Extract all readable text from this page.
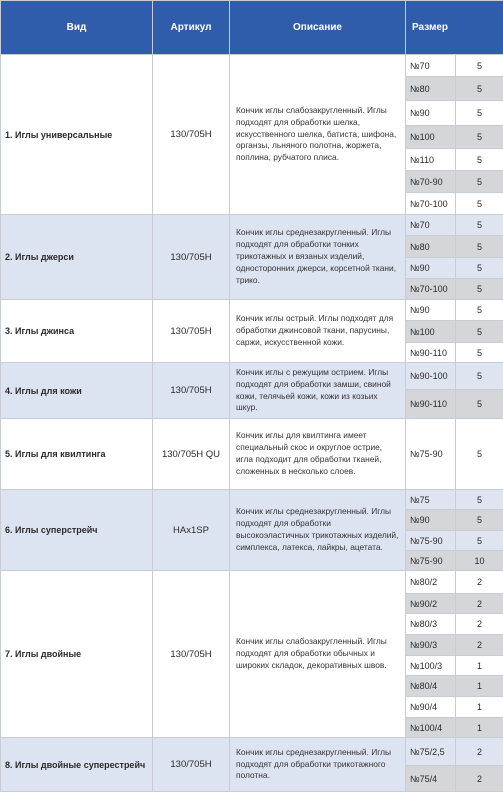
Вид	Артикул	Описание	Размер	
1. Иглы универсальные	130/705H	Кончик иглы слабозакругленный. Иглы подходят для обработки шелка, искусственного шелка, батиста, шифона, органзы, льняного полотна, жоржета, поплина, рубчатого плиса.	№70	5
			№80	5
			№90	5
			№100	5
			№110	5
			№70-90	5
			№70-100	5
2. Иглы джерси	130/705H	Кончик иглы среднезакругленный. Иглы подходят для обработки тонких трикотажных и вязаных изделий, односторонних джерси, корсетной ткани, трико.	№70	5
			№80	5
			№90	5
			№70-100	5
3. Иглы джинса	130/705H	Кончик иглы острый. Иглы подходят для обработки джинсовой ткани, парусины, саржи, искусственной кожи.	№90	5
			№100	5
			№90-110	5
4. Иглы для кожи	130/705H	Кончик иглы с режущим острием. Иглы подходят для обработки замши, свиной кожи, телячьей кожи, кожи из козьих шкур.	№90-100	5
			№90-110	5
5. Иглы для квилтинга	130/705H QU	Кончик иглы для квилтинга имеет специальный скос и округлое острие, игла подходит для обработки тканей, сложенных в несколько слоев.	№75-90	5
6. Иглы суперстрейч	HAx1SP	Кончик иглы среднезакругленный. Иглы подходят для обработки высокоэластичных трикотажных изделий, симплекса, латекса, лайкры, ацетата.	№75	5
			№90	5
			№75-90	5
			№75-90	10
7. Иглы двойные	130/705H	Кончик иглы слабозакругленный. Иглы подходят для обработки обычных и широких складок, декоративных швов.	№80/2	2
			№90/2	2
			№80/3	2
			№90/3	2
			№100/3	1
			№80/4	1
			№90/4	1
			№100/4	1
8. Иглы двойные суперестрейч	130/705H	Кончик иглы среднезакругленный. Иглы подходят для обработки трикотажного полотна.	№75/2,5	2
			№75/4	2
